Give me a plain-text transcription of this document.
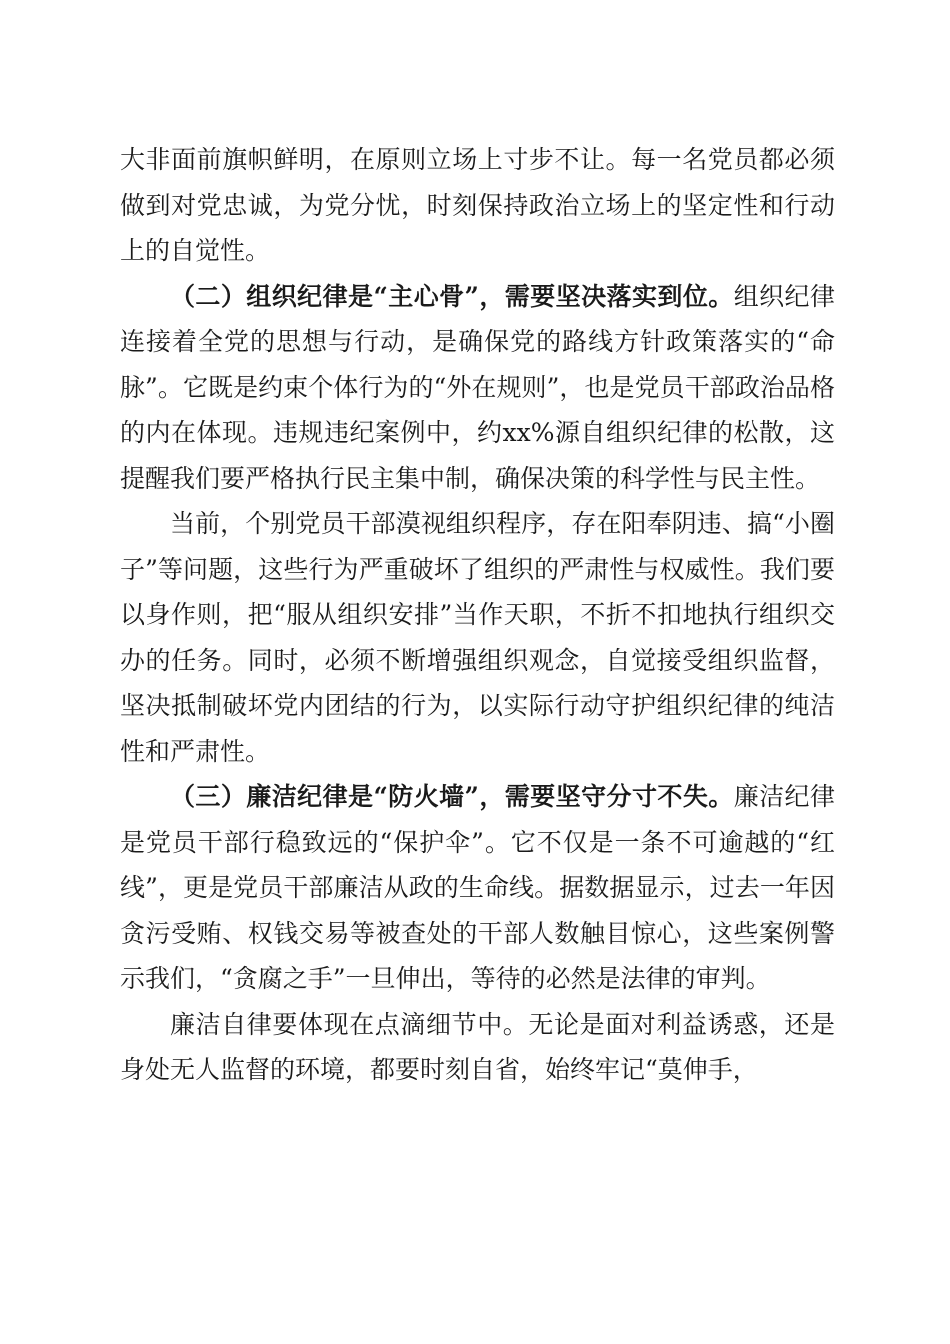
大非面前旗帜鲜明，在原则立场上寸步不让。每一名党员都必须做到对党忠诚，为党分忧，时刻保持政治立场上的坚定性和行动上的自觉性。

（二）组织纪律是“主心骨”，需要坚决落实到位。组织纪律连接着全党的思想与行动，是确保党的路线方针政策落实的“命脉”。它既是约束个体行为的“外在规则”，也是党员干部政治品格的内在体现。违规违纪案例中，约xx%源自组织纪律的松散，这提醒我们要严格执行民主集中制，确保决策的科学性与民主性。

当前，个别党员干部漠视组织程序，存在阳奉阴违、搞“小圈子”等问题，这些行为严重破坏了组织的严肃性与权威性。我们要以身作则，把“服从组织安排”当作天职，不折不扣地执行组织交办的任务。同时，必须不断增强组织观念，自觉接受组织监督，坚决抵制破坏党内团结的行为，以实际行动守护组织纪律的纯洁性和严肃性。

（三）廉洁纪律是“防火墙”，需要坚守分寸不失。廉洁纪律是党员干部行稳致远的“保护伞”。它不仅是一条不可逾越的“红线”，更是党员干部廉洁从政的生命线。据数据显示，过去一年因贪污受贿、权钱交易等被查处的干部人数触目惊心，这些案例警示我们，“贪腐之手”一旦伸出，等待的必然是法律的审判。

廉洁自律要体现在点滴细节中。无论是面对利益诱惑，还是身处无人监督的环境，都要时刻自省，始终牢记“莫伸手，
